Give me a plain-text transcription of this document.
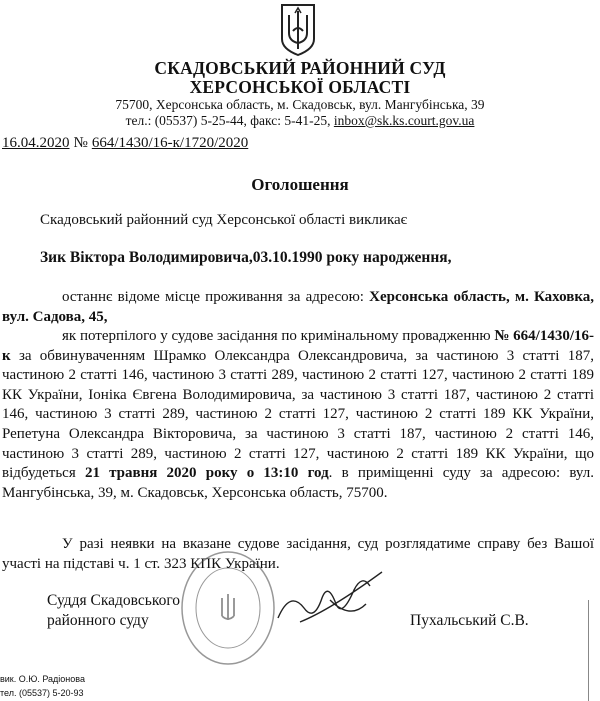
СКАДОВСЬКИЙ РАЙОННИЙ СУД
ХЕРСОНСЬКОЇ ОБЛАСТІ
75700, Херсонська область, м. Скадовськ, вул. Мангубінська, 39
тел.: (05537) 5-25-44, факс: 5-41-25, inbox@sk.ks.court.gov.ua
16.04.2020 № 664/1430/16-к/1720/2020
Оголошення
Скадовський районний суд Херсонської області викликає
Зик Віктора Володимировича,03.10.1990 року народження,
останнє відоме місце проживання за адресою: Херсонська область, м. Каховка, вул. Садова, 45,
як потерпілого у судове засідання по кримінальному провадженню № 664/1430/16-к за обвинуваченням Шрамко Олександра Олександровича, за частиною 3 статті 187, частиною 2 статті 146, частиною 3 статті 289, частиною 2 статті 127, частиною 2 статті 189 КК України, Іоніка Євгена Володимировича, за частиною 3 статті 187, частиною 2 статті 146, частиною 3 статті 289, частиною 2 статті 127, частиною 2 статті 189 КК України, Репетуна Олександра Вікторовича, за частиною 3 статті 187, частиною 2 статті 146, частиною 3 статті 289, частиною 2 статті 127, частиною 2 статті 189 КК України, що відбудеться 21 травня 2020 року о 13:10 год. в приміщенні суду за адресою: вул. Мангубінська, 39, м. Скадовськ, Херсонська область, 75700.
У разі неявки на вказане судове засідання, суд розглядатиме справу без Вашої участі на підставі ч. 1 ст. 323 КПК України.
Суддя Скадовського
районного суду	Пухальський С.В.
вик. О.Ю. Радіонова
тел. (05537) 5-20-93
